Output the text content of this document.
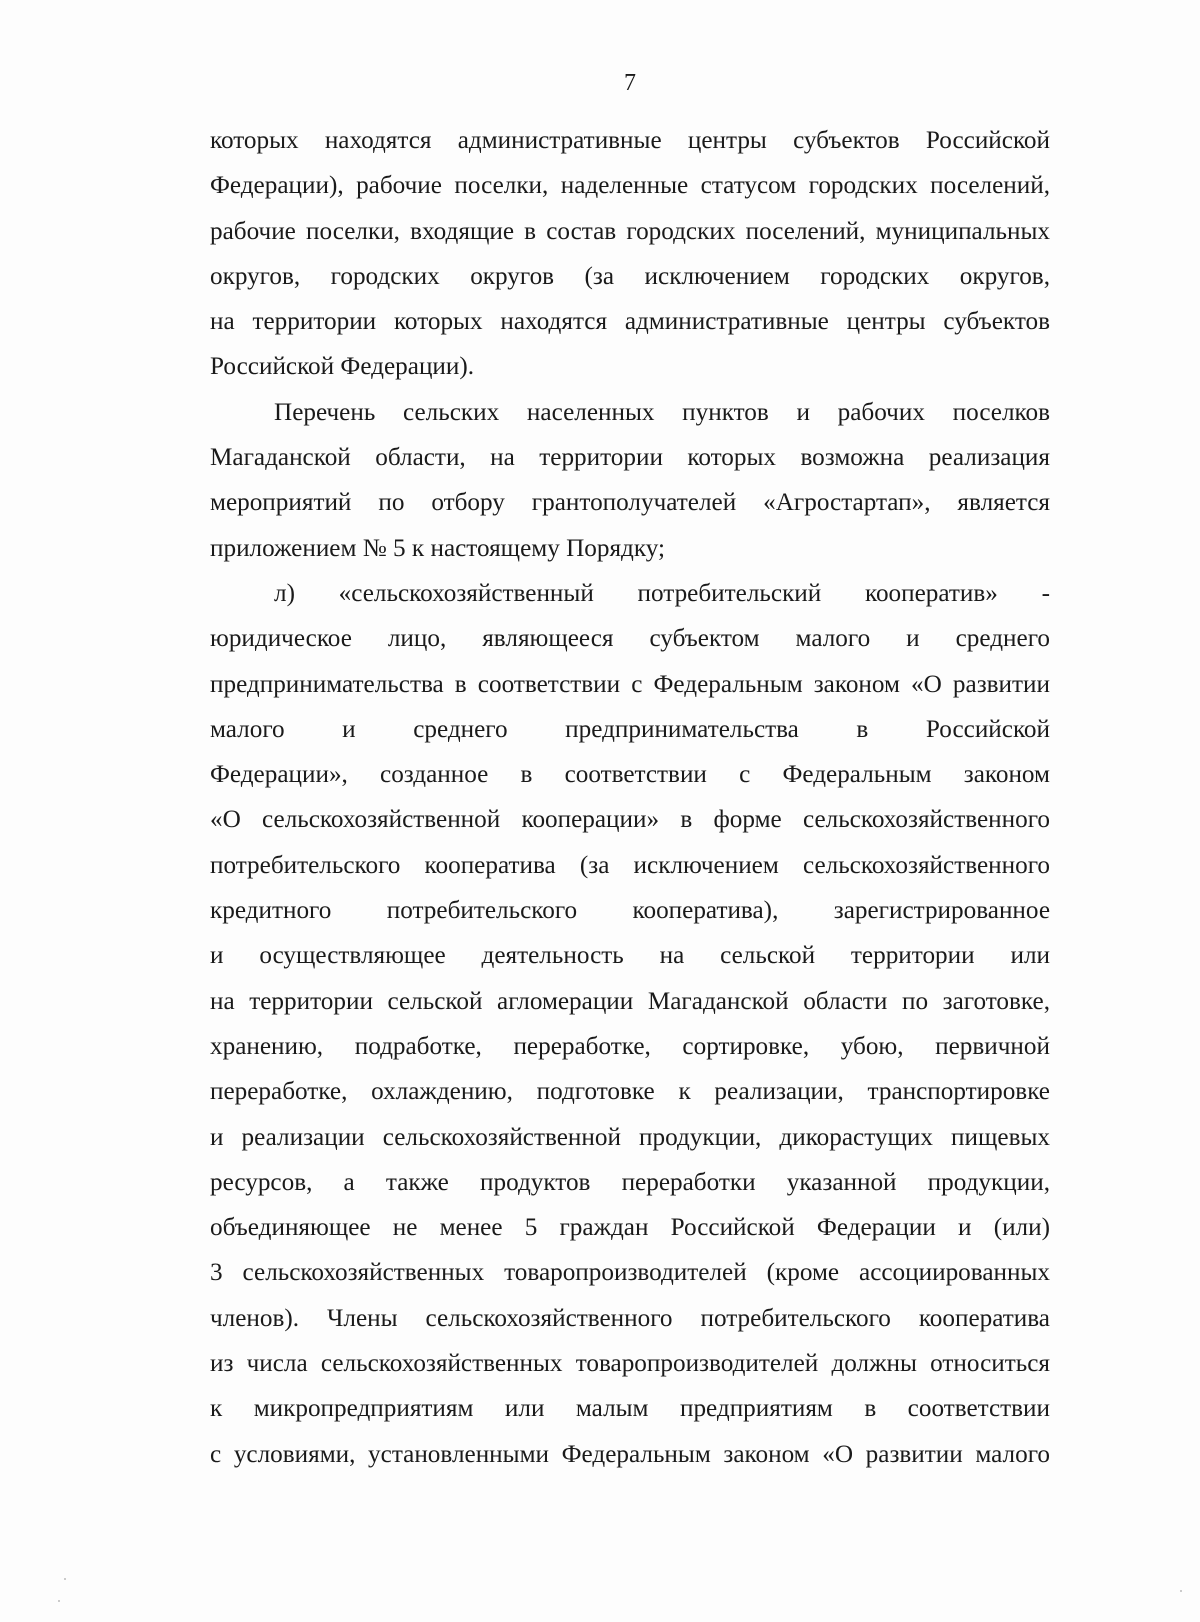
7
которых находятся административные центры субъектов Российской
Федерации), рабочие поселки, наделенные статусом городских поселений,
рабочие поселки, входящие в состав городских поселений, муниципальных
округов, городских округов (за исключением городских округов,
на территории которых находятся административные центры субъектов
Российской Федерации).
Перечень сельских населенных пунктов и рабочих поселков
Магаданской области, на территории которых возможна реализация
мероприятий по отбору грантополучателей «Агростартап», является
приложением № 5 к настоящему Порядку;
л) «сельскохозяйственный потребительский кооператив» -
юридическое лицо, являющееся субъектом малого и среднего
предпринимательства в соответствии с Федеральным законом «О развитии
малого и среднего предпринимательства в Российской
Федерации», созданное в соответствии с Федеральным законом
«О сельскохозяйственной кооперации» в форме сельскохозяйственного
потребительского кооператива (за исключением сельскохозяйственного
кредитного потребительского кооператива), зарегистрированное
и осуществляющее деятельность на сельской территории или
на территории сельской агломерации Магаданской области по заготовке,
хранению, подработке, переработке, сортировке, убою, первичной
переработке, охлаждению, подготовке к реализации, транспортировке
и реализации сельскохозяйственной продукции, дикорастущих пищевых
ресурсов, а также продуктов переработки указанной продукции,
объединяющее не менее 5 граждан Российской Федерации и (или)
3 сельскохозяйственных товаропроизводителей (кроме ассоциированных
членов). Члены сельскохозяйственного потребительского кооператива
из числа сельскохозяйственных товаропроизводителей должны относиться
к микропредприятиям или малым предприятиям в соответствии
с условиями, установленными Федеральным законом «О развитии малого
